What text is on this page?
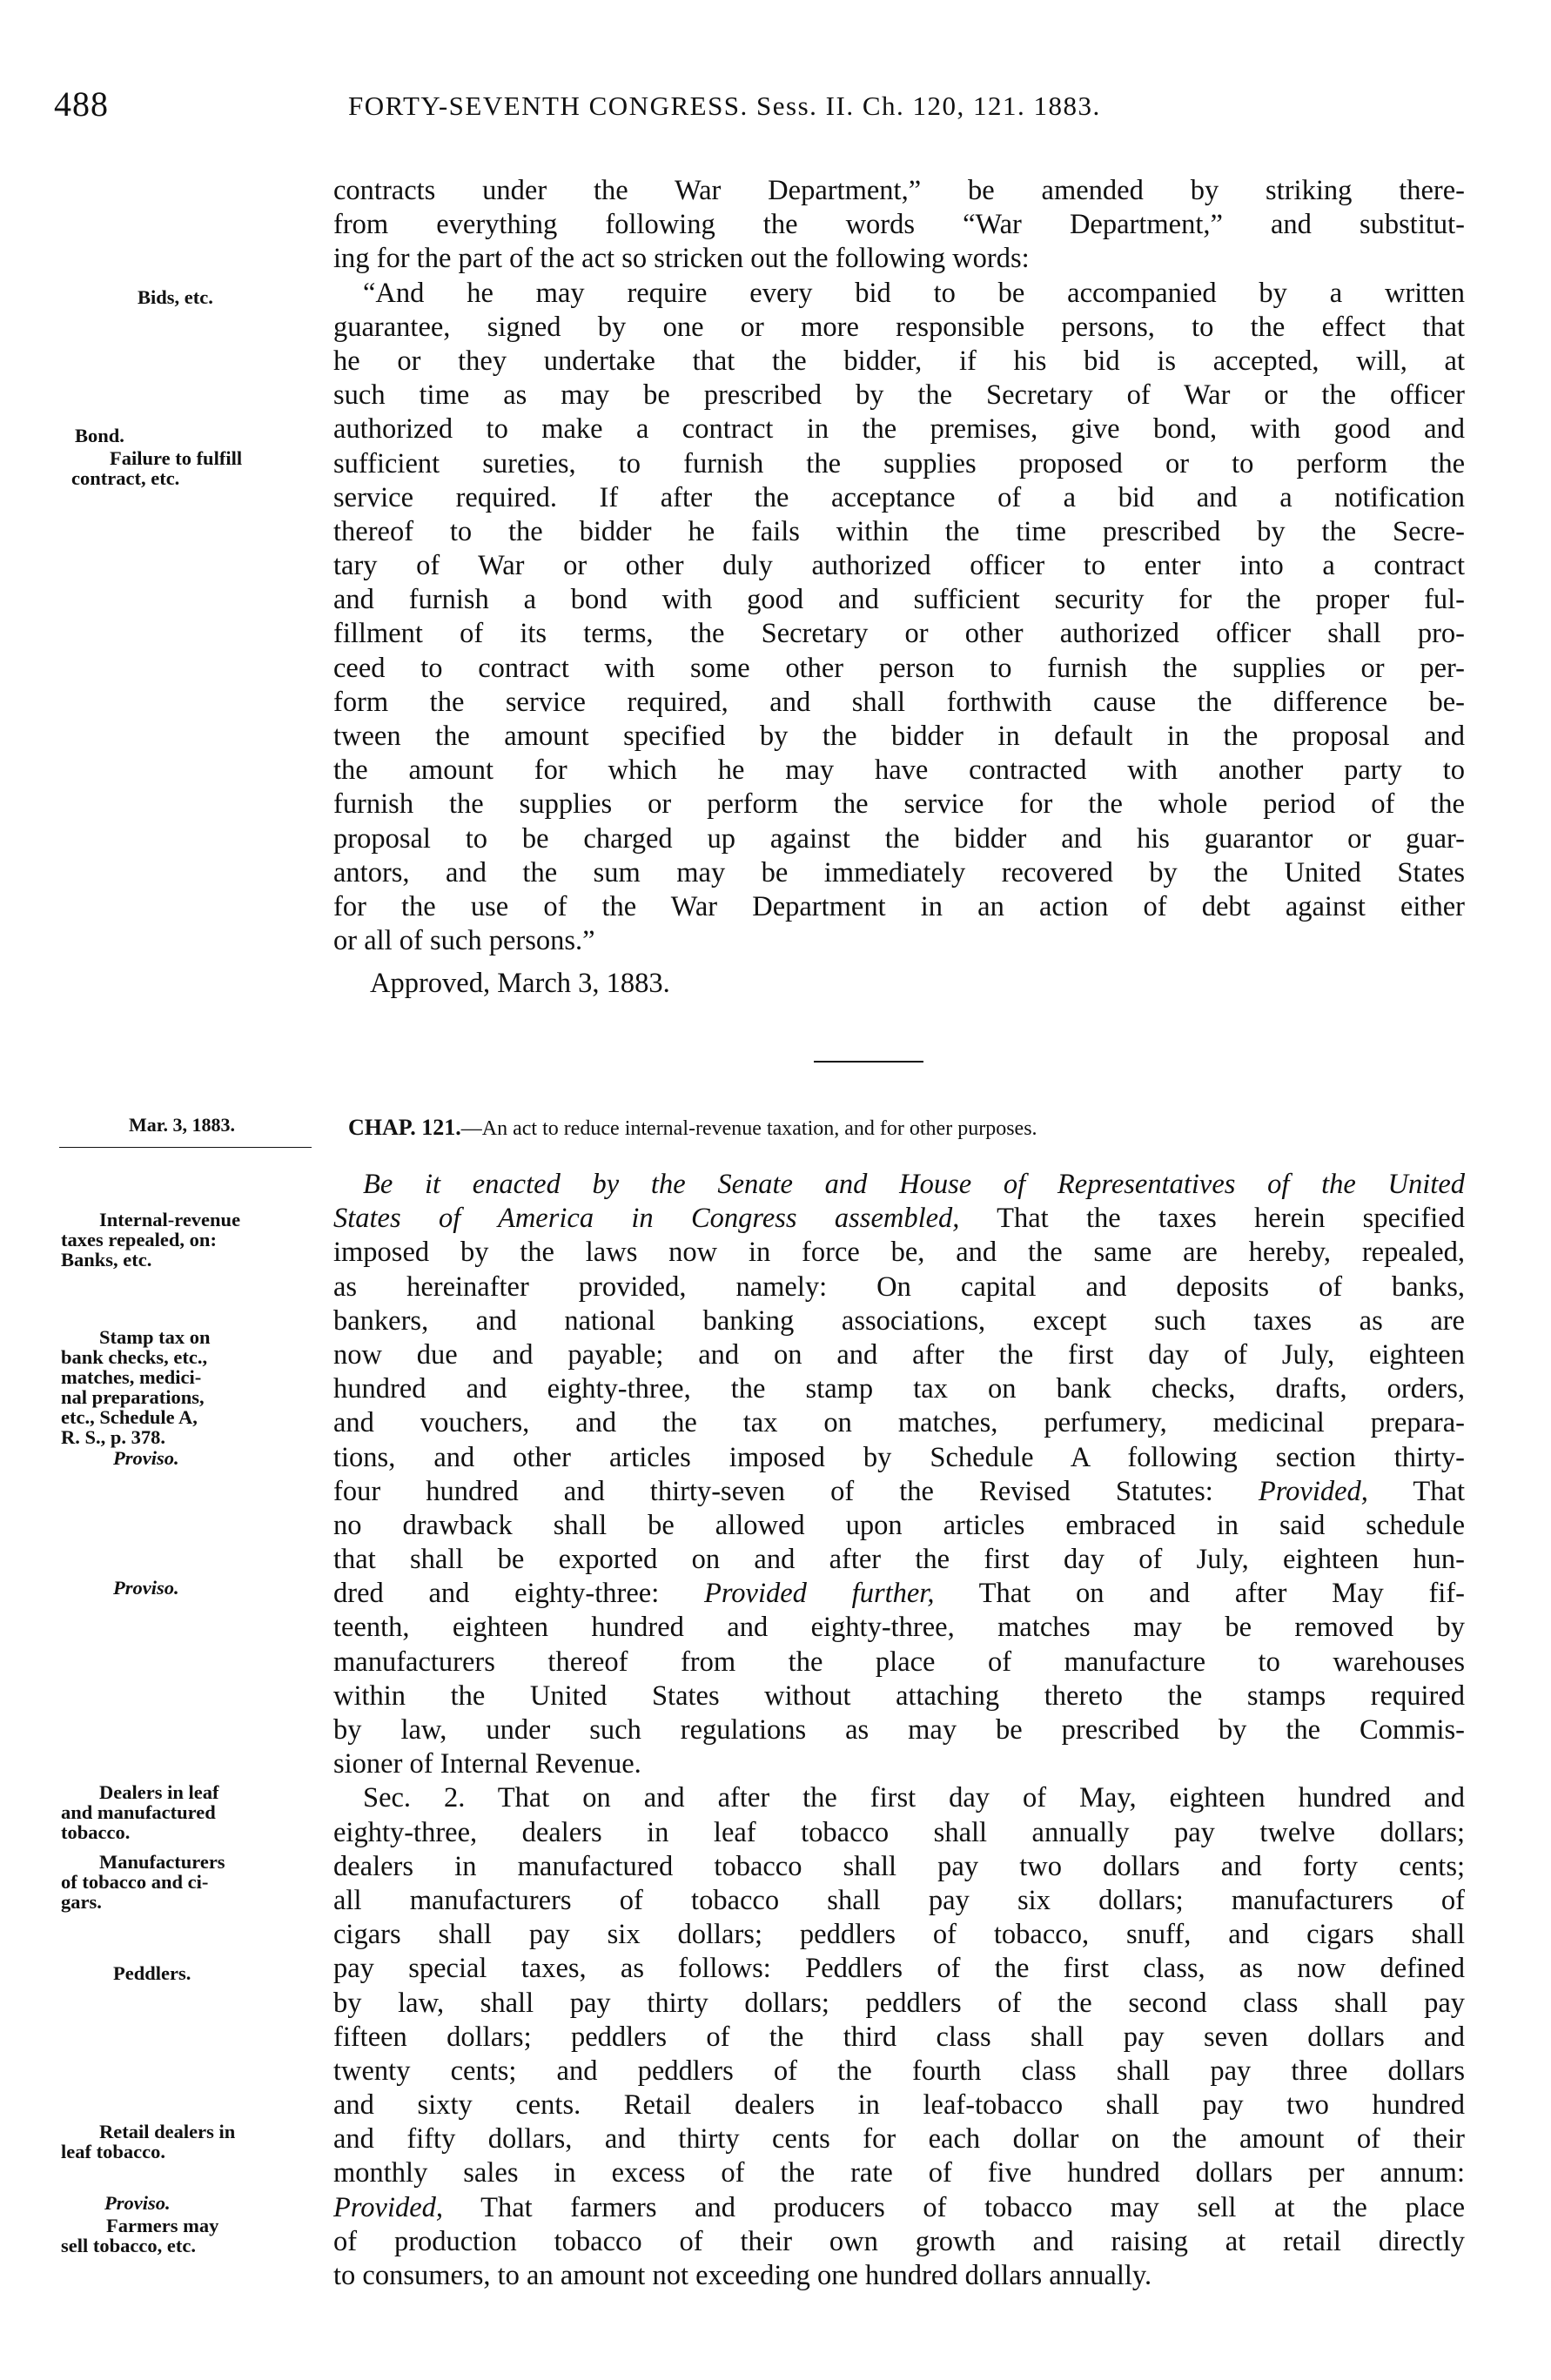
488	FORTY-SEVENTH CONGRESS. Sess. II. Ch. 120, 121. 1883.
contracts under the War Department,” be amended by striking there-
from everything following the words “War Department,” and substitut-
ing for the part of the act so stricken out the following words:
“And he may require every bid to be accompanied by a written
guarantee, signed by one or more responsible persons, to the effect that
he or they undertake that the bidder, if his bid is accepted, will, at
such time as may be prescribed by the Secretary of War or the officer
authorized to make a contract in the premises, give bond, with good and
sufficient sureties, to furnish the supplies proposed or to perform the
service required. If after the acceptance of a bid and a notification
thereof to the bidder he fails within the time prescribed by the Secre-
tary of War or other duly authorized officer to enter into a contract
and furnish a bond with good and sufficient security for the proper ful-
fillment of its terms, the Secretary or other authorized officer shall pro-
ceed to contract with some other person to furnish the supplies or per-
form the service required, and shall forthwith cause the difference be-
tween the amount specified by the bidder in default in the proposal and
the amount for which he may have contracted with another party to
furnish the supplies or perform the service for the whole period of the
proposal to be charged up against the bidder and his guarantor or guar-
antors, and the sum may be immediately recovered by the United States
for the use of the War Department in an action of debt against either
or all of such persons.”
Approved, March 3, 1883.
Mar. 3, 1883.	CHAP. 121.—An act to reduce internal-revenue taxation, and for other purposes.
Be it enacted by the Senate and House of Representatives of the United
States of America in Congress assembled, That the taxes herein specified
imposed by the laws now in force be, and the same are hereby, repealed,
as hereinafter provided, namely: On capital and deposits of banks,
bankers, and national banking associations, except such taxes as are
now due and payable; and on and after the first day of July, eighteen
hundred and eighty-three, the stamp tax on bank checks, drafts, orders,
and vouchers, and the tax on matches, perfumery, medicinal prepara-
tions, and other articles imposed by Schedule A following section thirty-
four hundred and thirty-seven of the Revised Statutes: Provided, That
no drawback shall be allowed upon articles embraced in said schedule
that shall be exported on and after the first day of July, eighteen hun-
dred and eighty-three: Provided further, That on and after May fif-
teenth, eighteen hundred and eighty-three, matches may be removed by
manufacturers thereof from the place of manufacture to warehouses
within the United States without attaching thereto the stamps required
by law, under such regulations as may be prescribed by the Commis-
sioner of Internal Revenue.
Sec. 2. That on and after the first day of May, eighteen hundred and
eighty-three, dealers in leaf tobacco shall annually pay twelve dollars;
dealers in manufactured tobacco shall pay two dollars and forty cents;
all manufacturers of tobacco shall pay six dollars; manufacturers of
cigars shall pay six dollars; peddlers of tobacco, snuff, and cigars shall
pay special taxes, as follows: Peddlers of the first class, as now defined
by law, shall pay thirty dollars; peddlers of the second class shall pay
fifteen dollars; peddlers of the third class shall pay seven dollars and
twenty cents; and peddlers of the fourth class shall pay three dollars
and sixty cents. Retail dealers in leaf-tobacco shall pay two hundred
and fifty dollars, and thirty cents for each dollar on the amount of their
monthly sales in excess of the rate of five hundred dollars per annum:
Provided, That farmers and producers of tobacco may sell at the place
of production tobacco of their own growth and raising at retail directly
to consumers, to an amount not exceeding one hundred dollars annually.
Bids, etc.
Bond.
Failure to fulfill
contract, etc.
Internal-revenue
taxes repealed, on:
Banks, etc.
Stamp tax on
bank checks, etc.,
matches, medici-
nal preparations,
etc., Schedule A,
R. S., p. 378.
Proviso.
Proviso.
Dealers in leaf
and manufactured
tobacco.
Manufacturers
of tobacco and ci-
gars.
Peddlers.
Retail dealers in
leaf tobacco.
Proviso.
Farmers may
sell tobacco, etc.
